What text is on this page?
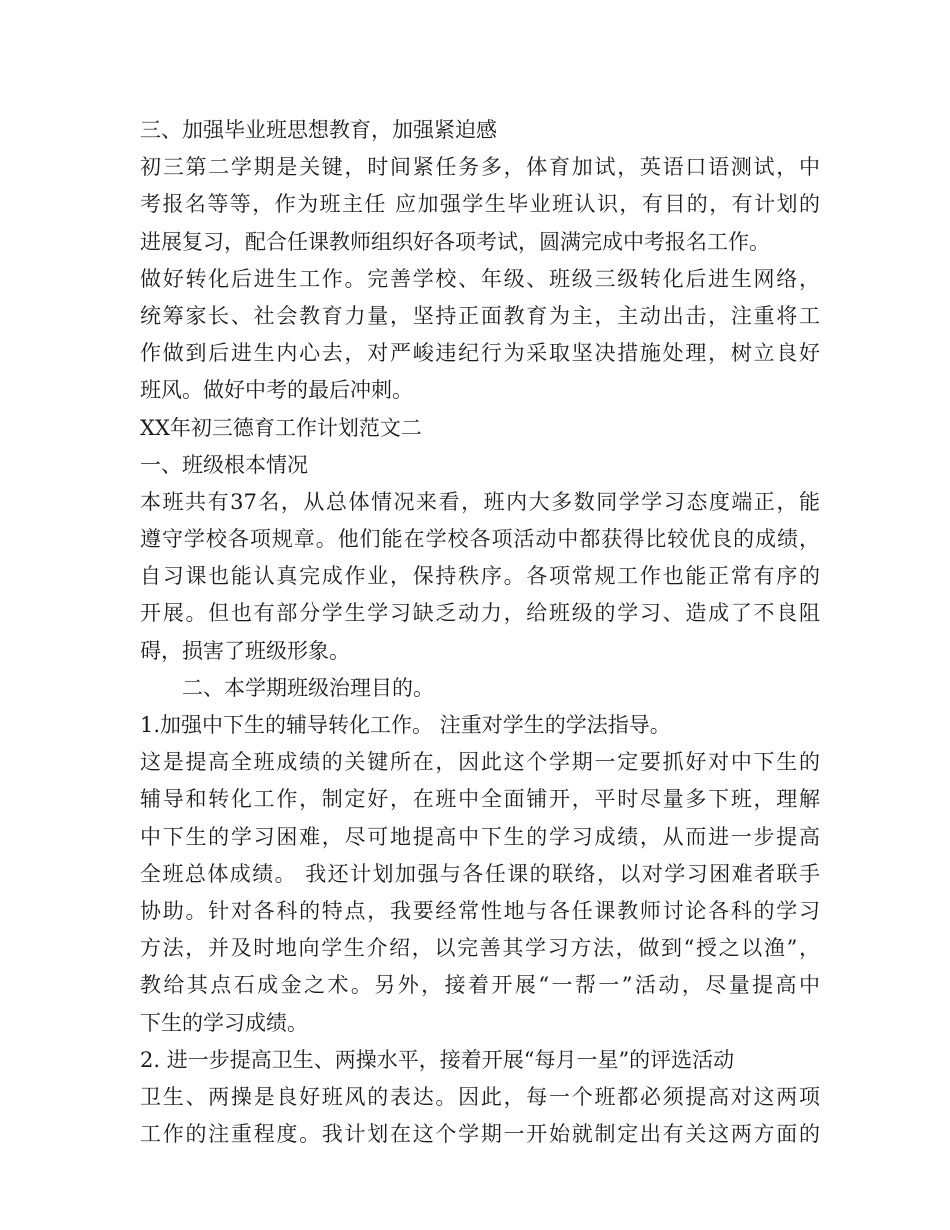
三、加强毕业班思想教育，加强紧迫感
初三第二学期是关键，时间紧任务多，体育加试，英语口语测试，中
考报名等等，作为班主任 应加强学生毕业班认识，有目的，有计划的
进展复习，配合任课教师组织好各项考试，圆满完成中考报名工作。
做好转化后进生工作。完善学校、年级、班级三级转化后进生网络，
统筹家长、社会教育力量，坚持正面教育为主，主动出击，注重将工
作做到后进生内心去，对严峻违纪行为采取坚决措施处理，树立良好
班风。做好中考的最后冲刺。
XX年初三德育工作计划范文二
一、班级根本情况
本班共有37名，从总体情况来看，班内大多数同学学习态度端正，能
遵守学校各项规章。他们能在学校各项活动中都获得比较优良的成绩，
自习课也能认真完成作业，保持秩序。各项常规工作也能正常有序的
开展。但也有部分学生学习缺乏动力，给班级的学习、造成了不良阻
碍，损害了班级形象。
二、本学期班级治理目的。
1.加强中下生的辅导转化工作。 注重对学生的学法指导。
这是提高全班成绩的关键所在，因此这个学期一定要抓好对中下生的
辅导和转化工作，制定好，在班中全面铺开，平时尽量多下班，理解
中下生的学习困难，尽可地提高中下生的学习成绩，从而进一步提高
全班总体成绩。 我还计划加强与各任课的联络，以对学习困难者联手
协助。针对各科的特点，我要经常性地与各任课教师讨论各科的学习
方法，并及时地向学生介绍，以完善其学习方法，做到“授之以渔”，
教给其点石成金之术。另外，接着开展“一帮一”活动，尽量提高中
下生的学习成绩。
2. 进一步提高卫生、两操水平，接着开展“每月一星”的评选活动
卫生、两操是良好班风的表达。因此，每一个班都必须提高对这两项
工作的注重程度。我计划在这个学期一开始就制定出有关这两方面的
